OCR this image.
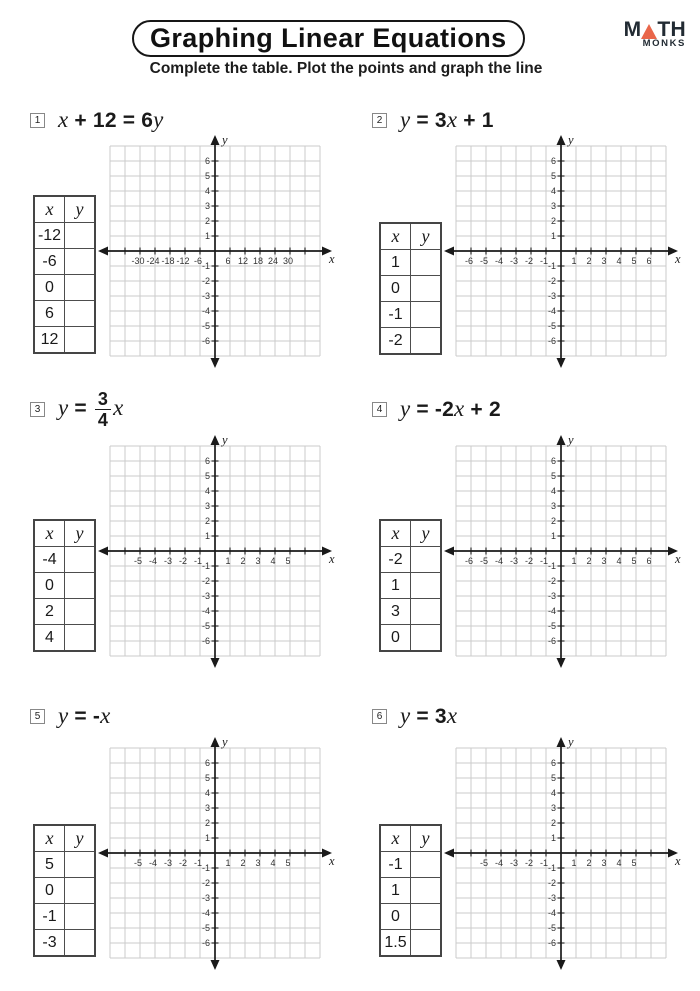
Graphing Linear Equations
Complete the table. Plot the points and graph the line
M TH
MONKS
1 x + 12 = 6y
x	y
-12	
-6	
0	
6	
12	
-30 -24 -18 -12 -6	6 12 18 24 30
6
5
4
3
2
1
-1
-2
-3
-4
-5
-6
x
y
2 y = 3x + 1
x	y
1	
0	
-1	
-2	
-6 -5 -4 -3 -2 -1	1 2 3 4 5 6
6
5
4
3
2
1
-1
-2
-3
-4
-5
-6
x
y
3 $y = \frac{3}{4}$ x
x	y
-4	
0	
2	
4	
-5 -4 -3 -2 -1	1 2 3 4 5
6
5
4
3
2
1
-1
-2
-3
-4
-5
-6
x
y
4 y = -2x + 2
x	y
-2	
1	
3	
0	
-6 -5 -4 -3 -2 -1	1 2 3 4 5 6
6
5
4
3
2
1
-1
-2
-3
-4
-5
-6
x
y
5 y = -x
x	y
5	
0	
-1	
-3	
-5 -4 -3 -2 -1	1 2 3 4 5
6
5
4
3
2
1
-1
-2
-3
-4
-5
-6
x
y
6 y = 3x
x	y
-1	
1	
0	
1.5	
-5 -4 -3 -2 -1	1 2 3 4 5
6
5
4
3
2
1
-1
-2
-3
-4
-5
-6
x
y
